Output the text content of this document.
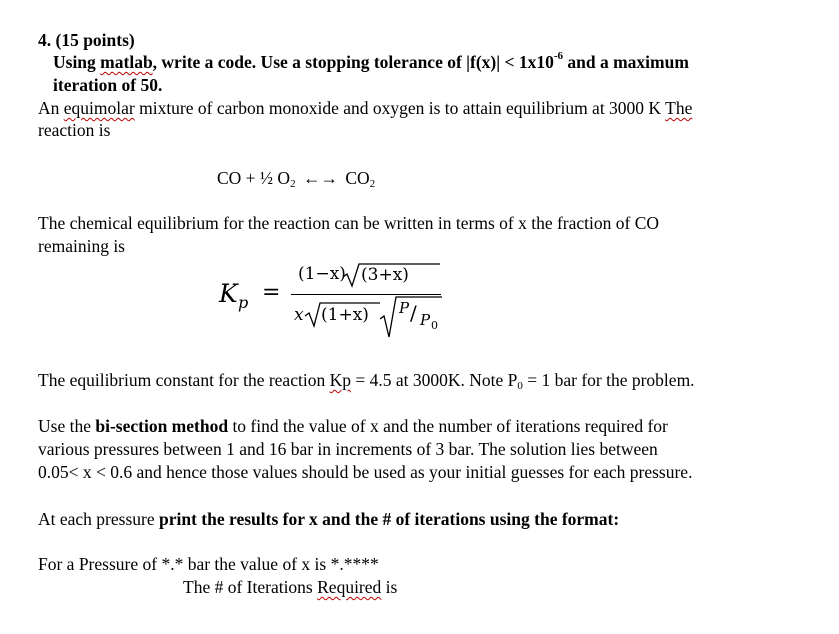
4. (15 points)
Using matlab, write a code. Use a stopping tolerance of $|f(x)| < 1x10^{-6}$ and a maximum
iteration of 50.
An equimolar mixture of carbon monoxide and oxygen is to attain equilibrium at 3000 K The
reaction is
CO + ½ $O_2$ ←→ $CO_2$
The chemical equilibrium for the reaction can be written in terms of x the fraction of CO
remaining is
K p =
(1−x) (3+x)
x (1+x) P / P 0
The equilibrium constant for the reaction Kp = 4.5 at 3000K. Note $P_0 = 1$ bar for the problem.
Use the bi-section method to find the value of x and the number of iterations required for
various pressures between 1 and 16 bar in increments of 3 bar. The solution lies between
0.05< x < 0.6 and hence those values should be used as your initial guesses for each pressure.
At each pressure print the results for x and the # of iterations using the format:
For a Pressure of *.* bar the value of x is *.****
The # of Iterations Required is
